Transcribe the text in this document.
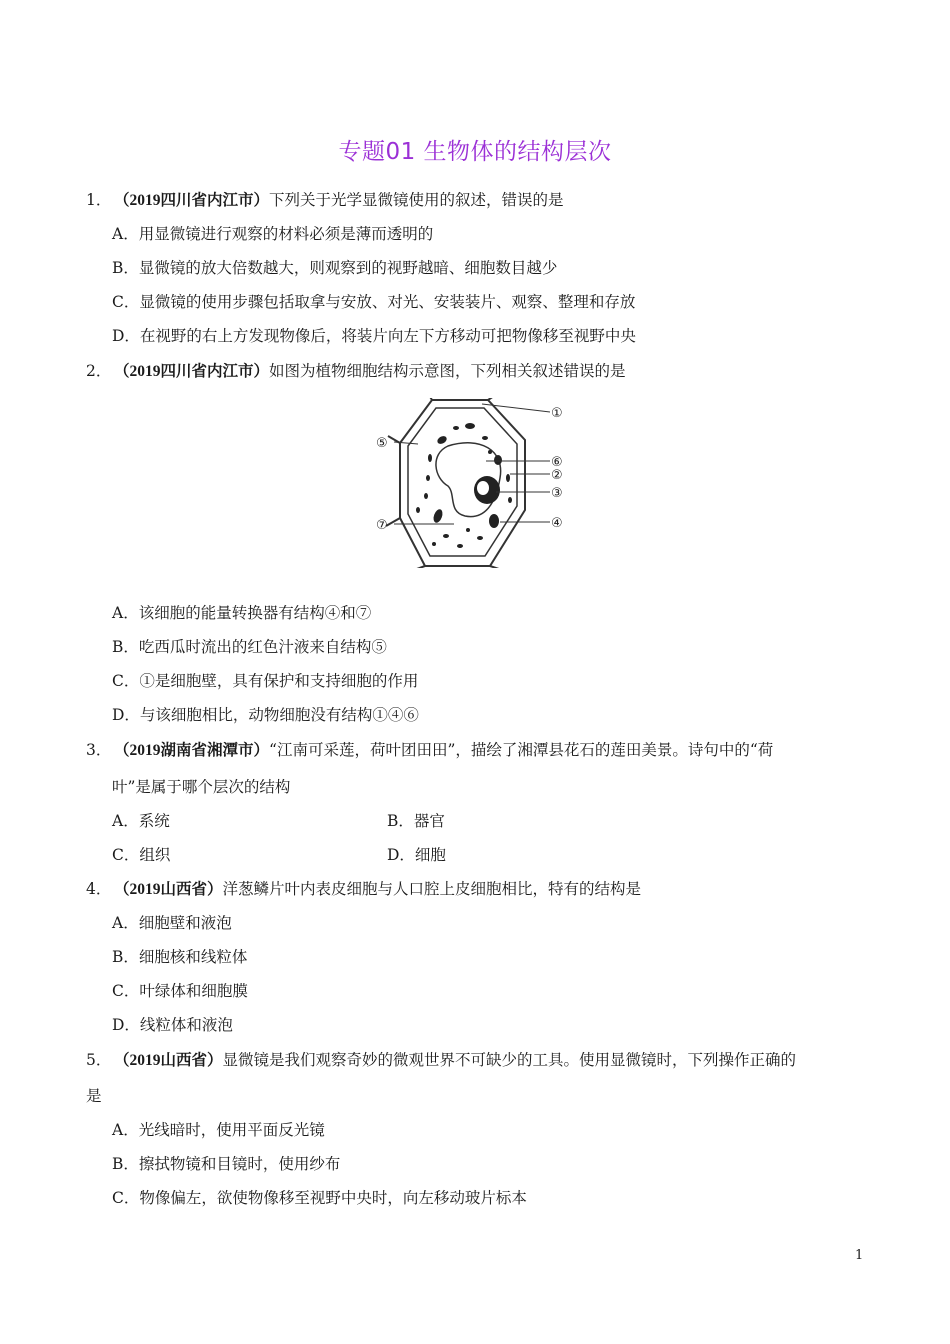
专题01 生物体的结构层次
1． （2019四川省内江市）下列关于光学显微镜使用的叙述，错误的是
A．用显微镜进行观察的材料必须是薄而透明的
B．显微镜的放大倍数越大，则观察到的视野越暗、细胞数目越少
C．显微镜的使用步骤包括取拿与安放、对光、安装装片、观察、整理和存放
D．在视野的右上方发现物像后，将装片向左下方移动可把物像移至视野中央
2． （2019四川省内江市）如图为植物细胞结构示意图，下列相关叙述错误的是
①
②
③
④
⑤
⑥
⑦
A．该细胞的能量转换器有结构④和⑦
B．吃西瓜时流出的红色汁液来自结构⑤
C．①是细胞壁，具有保护和支持细胞的作用
D．与该细胞相比，动物细胞没有结构①④⑥
3． （2019湖南省湘潭市）“江南可采莲，荷叶团田田”，描绘了湘潭县花石的莲田美景。诗句中的“荷
叶”是属于哪个层次的结构
A．系统	B．器官
C．组织	D．细胞
4． （2019山西省）洋葱鳞片叶内表皮细胞与人口腔上皮细胞相比，特有的结构是
A．细胞壁和液泡
B．细胞核和线粒体
C．叶绿体和细胞膜
D．线粒体和液泡
5． （2019山西省）显微镜是我们观察奇妙的微观世界不可缺少的工具。使用显微镜时，下列操作正确的
是
A．光线暗时，使用平面反光镜
B．擦拭物镜和目镜时，使用纱布
C．物像偏左，欲使物像移至视野中央时，向左移动玻片标本
1
